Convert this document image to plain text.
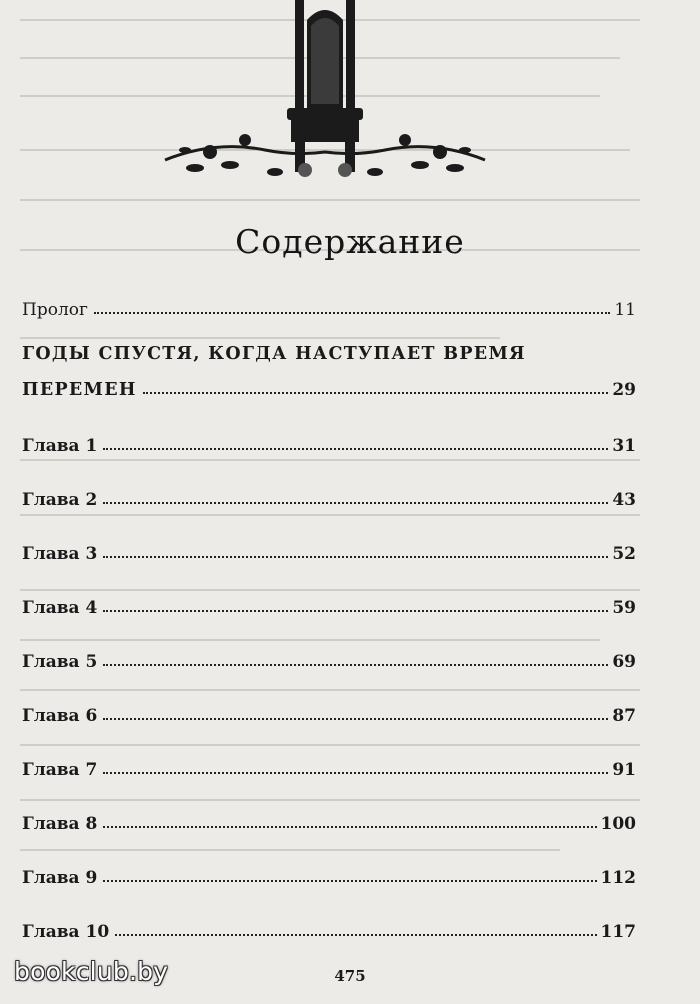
Содержание
Пролог	11
ГОДЫ СПУСТЯ, КОГДА НАСТУПАЕТ ВРЕМЯ
ПЕРЕМЕН	29
Глава 1	31
Глава 2	43
Глава 3	52
Глава 4	59
Глава 5	69
Глава 6	87
Глава 7	91
Глава 8	100
Глава 9	112
Глава 10	117
bookclub.by	475
